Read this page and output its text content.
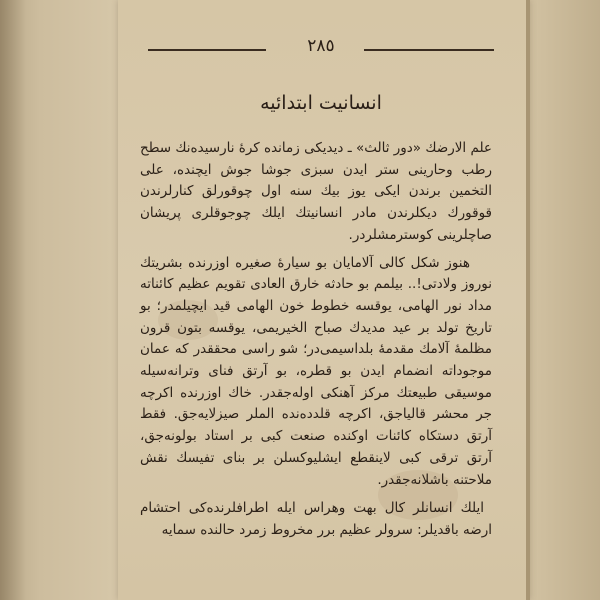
٢٨٥
انسانیت ابتدائیه

علم الارضك «دور ثالث» ـ دیدیكی زمانده كرۀ نارسیده‌نك سطح رطب وحارینی ستر ایدن سبزی جوشا جوش ایچنده، علی التخمین برندن ایکی یوز بیك سنه اول چوقورلق كنارلرندن قوقورك دیكلرندن مادر انسانیتك ایلك چوجوقلری پریشان صاچلرینی كوسترمشلردر.

هنوز شكل كالی آلامایان بو سیارۀ صغیره اوزرنده بشریتك نوروز ولادتی!.. بیلمم بو حادثه خارق العادی تقویم عظیم كائناته مداد نور الهامی، یوقسه خطوط خون الهامی قید ایچیلمدر؛ بو تاریخ تولد بر عید مدیدك صباح الخیریمی، یوقسه بتون قرون مظلمۀ آلامك مقدمۀ بلداسیمی‌در؛ شو راسی محققدر كه عمان موجوداته انضمام ایدن بو قطره، بو آرتق فنای وترانه‌سیله موسیقی طبیعتك مركز آهنكی اوله‌جقدر. خاك اوزرنده اكرچه جر محشر قالیاجق، اكرچه قلدده‌نده الملر صیزلایه‌جق. فقط آرتق دستكاه كائنات اوكنده صنعت كبی بر استاد بولونه‌جق، آرتق ترقی كبی لاینقطع ایشلیوكسلن بر بنای تفیسك نقش ملاحتنه باشلانه‌جقدر.

ایلك انسانلر كال بهت وهراس ایله اطرافلرنده‌كی احتشام ارضه باقدیلر: سرولر عظیم برر مخروط زمرد حالنده سمایه
